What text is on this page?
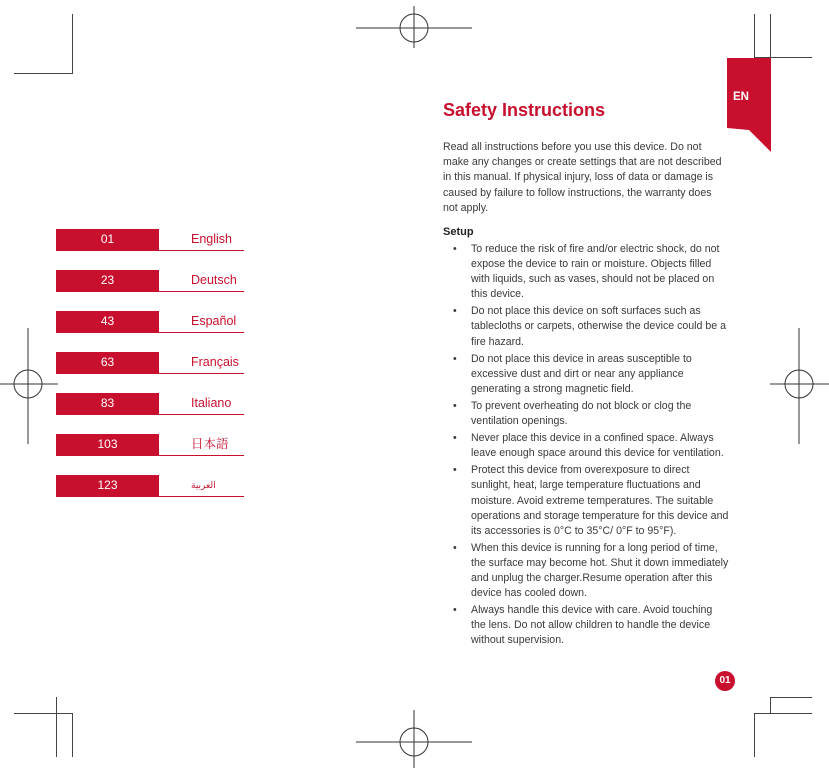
01	English
23	Deutsch
43	Español
63	Français
83	Italiano
103	日本語
123	العربية
EN
Safety Instructions

Read all instructions before you use this device. Do not make any changes or create settings that are not described in this manual. If physical injury, loss of data or damage is caused by failure to follow instructions, the warranty does not apply.

Setup
• To reduce the risk of fire and/or electric shock, do not expose the device to rain or moisture. Objects filled with liquids, such as vases, should not be placed on this device.
• Do not place this device on soft surfaces such as tablecloths or carpets, otherwise the device could be a fire hazard.
• Do not place this device in areas susceptible to excessive dust and dirt or near any appliance generating a strong magnetic field.
• To prevent overheating do not block or clog the ventilation openings.
• Never place this device in a confined space. Always leave enough space around this device for ventilation.
• Protect this device from overexposure to direct sunlight, heat, large temperature fluctuations and moisture. Avoid extreme temperatures. The suitable operations and storage temperature for this device and its accessories is 0°C to 35°C/ 0°F to 95°F).
• When this device is running for a long period of time, the surface may become hot. Shut it down immediately and unplug the charger.Resume operation after this device has cooled down.
• Always handle this device with care. Avoid touching the lens. Do not allow children to handle the device without supervision.
01
